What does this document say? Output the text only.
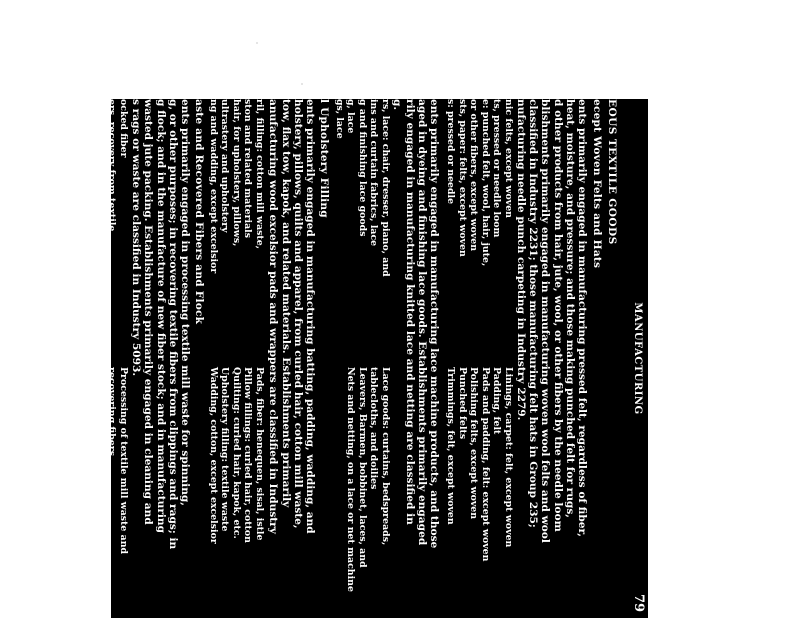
79
MANUFACTURING
EOUS TEXTILE GOODS
ecept Woven Felts and Hats
ents primarily engaged in manufacturing pressed felt, regardless of fiber,
heat, moisture, and pressure; and those making punched felt for rugs,
d other products from hair, jute, wool, or other fibers by the needle loom
blishments primarily engaged in manufacturing woven wool felts and wool
classified in Industry 2231; those manufacturing felt hats in Group 235;
nufacturing needle punch carpeting in Industry 2279.
nic felts, except woven
ts, pressed or needle loom
e: punched felt, wool, hair, jute,
or other fibers, except woven
sts, paper: felts, except woven
s: pressed or needle
Linings, carpet: felt, except woven
Padding, felt
Pads and padding, felt: except woven
Polishing felts, except woven
Punched felts
Trimmings, felt, except woven
ents primarily engaged in manufacturing lace machine products, and those
aged in dyeing and finishing lace goods. Establishments primarily engaged
rily engaged in manufacturing knitted lace and netting are classified in
g.
rs, lace: chair, dresser, piano, and
ins and curtain fabrics, lace
g and finishing lace goods
g, lace
gs, lace
Lace goods: curtains, bedspreads,
tablecloths, and doilies
Leavers, Barmen, bobbinet, laces, and
Nets and netting, on a lace or net machine
l Upholstery Filling
ents primarily engaged in manufacturing batting, padding, wadding, and
holstery, pillows, quilts and apparel, from curled hair, cotton mill waste,
tow, flax tow, kapok, and related materials. Establishments primarily
anufacturing wood excelsior pads and wrappers are classified in Industry
ril, filling: cotton mill waste,
ston and related materials
hair, for upholstery, pillows,
ultrastery and upholstery
ng and wadding, except excelsior
Pads, fiber: henequen, sisal, istle
Pillow fillings: curled hair, cotton
Quilting: curled hair, kapok, etc.
Upholstery filling: textile waste
Wadding, cotton, except excelsior
aste and Recovered Fibers and Flock
ents primarily engaged in processing textile mill waste for spinning,
g, or other purposes; in recovering textile fibers from clippings and rags; in
g flock; and in the manufacture of new fiber stock; and in manufacturing
wasted jute packing. Establishments primarily engaged in cleaning and
s rags or waste are classified in Industry 5093.
ocked fiber
ers, recovery from textile
[processing mill waste]
(recovered textile fibers)
n processing of textile waste and rags
kg: twisted jute
Processing of textile mill waste and
recovering fibers
Recovering textile fibers from clippings
and rags
Wool waste processing
